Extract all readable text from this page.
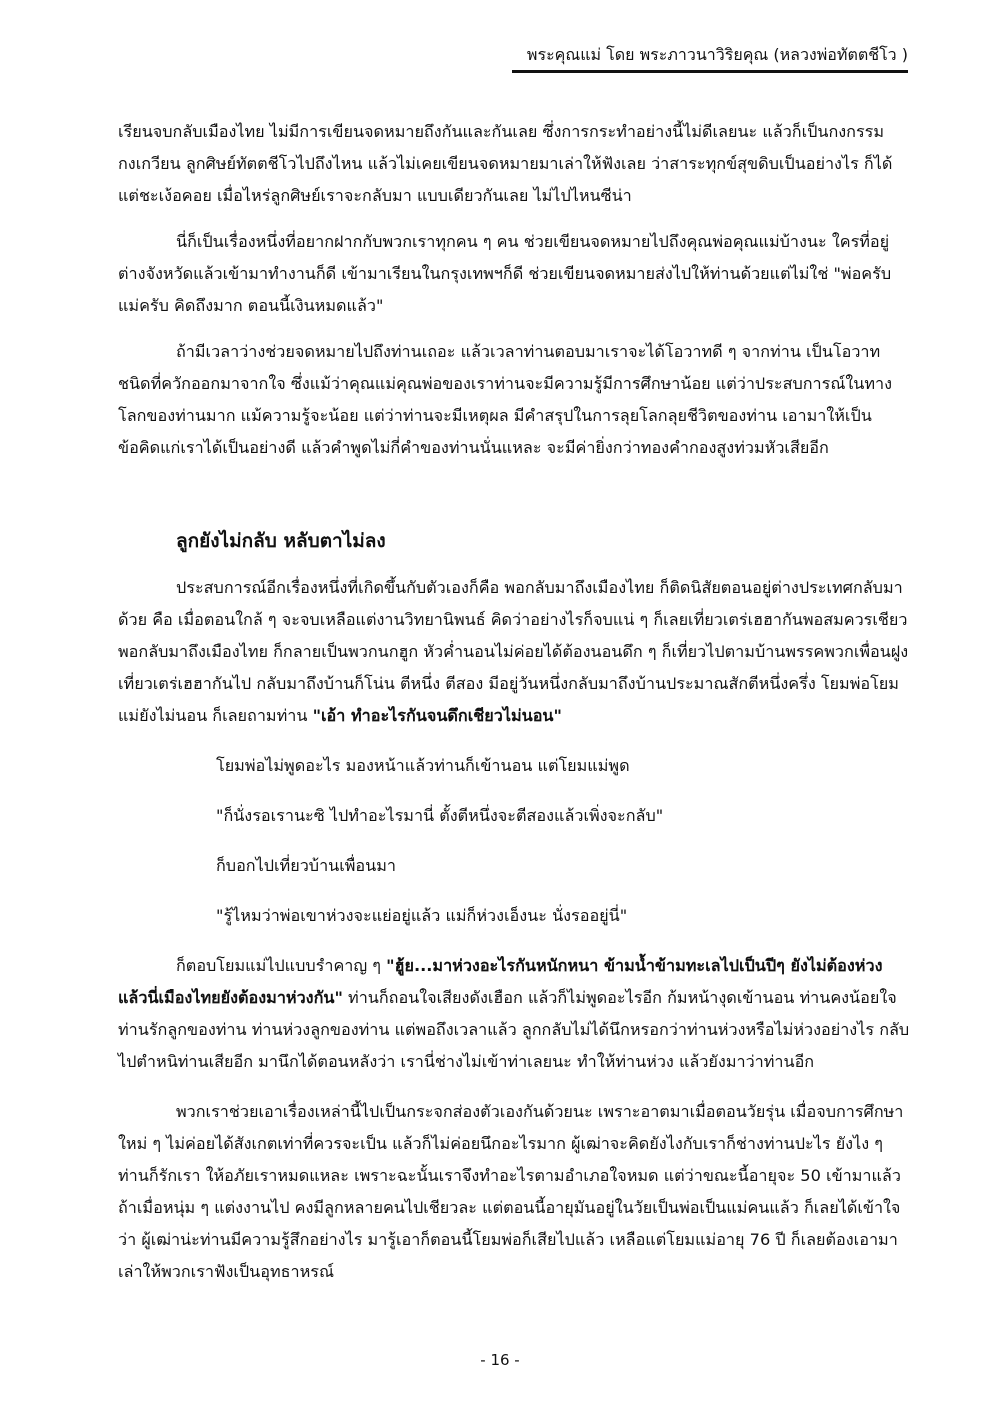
พระคุณแม่ โดย พระภาวนาวิริยคุณ (หลวงพ่อทัตตชีโว )

เรียนจบกลับเมืองไทย ไม่มีการเขียนจดหมายถึงกันและกันเลย ซึ่งการกระทำอย่างนี้ไม่ดีเลยนะ แล้วก็เป็นกงกรรมกงเกวียน ลูกศิษย์ทัตตชีโวไปถึงไหน แล้วไม่เคยเขียนจดหมายมาเล่าให้ฟังเลย ว่าสาระทุกข์สุขดิบเป็นอย่างไร ก็ได้แต่ชะเง้อคอย เมื่อไหร่ลูกศิษย์เราจะกลับมา แบบเดียวกันเลย ไม่ไปไหนซีน่า

นี่ก็เป็นเรื่องหนึ่งที่อยากฝากกับพวกเราทุกคน ๆ คน ช่วยเขียนจดหมายไปถึงคุณพ่อคุณแม่บ้างนะ ใครที่อยู่ต่างจังหวัดแล้วเข้ามาทำงานก็ดี เข้ามาเรียนในกรุงเทพฯก็ดี ช่วยเขียนจดหมายส่งไปให้ท่านด้วยแต่ไม่ใช่ "พ่อครับ แม่ครับ คิดถึงมาก ตอนนี้เงินหมดแล้ว"

ถ้ามีเวลาว่างช่วยจดหมายไปถึงท่านเถอะ แล้วเวลาท่านตอบมาเราจะได้โอวาทดี ๆ จากท่าน เป็นโอวาทชนิดที่ควักออกมาจากใจ ซึ่งแม้ว่าคุณแม่คุณพ่อของเราท่านจะมีความรู้มีการศึกษาน้อย แต่ว่าประสบการณ์ในทางโลกของท่านมาก แม้ความรู้จะน้อย แต่ว่าท่านจะมีเหตุผล มีคำสรุปในการลุยโลกลุยชีวิตของท่าน เอามาให้เป็นข้อคิดแก่เราได้เป็นอย่างดี แล้วคำพูดไม่กี่คำของท่านนั่นแหละ จะมีค่ายิ่งกว่าทองคำกองสูงท่วมหัวเสียอีก

ลูกยังไม่กลับ หลับตาไม่ลง

ประสบการณ์อีกเรื่องหนึ่งที่เกิดขึ้นกับตัวเองก็คือ พอกลับมาถึงเมืองไทย ก็ติดนิสัยตอนอยู่ต่างประเทศกลับมาด้วย คือ เมื่อตอนใกล้ ๆ จะจบเหลือแต่งานวิทยานิพนธ์ คิดว่าอย่างไรก็จบแน่ ๆ ก็เลยเที่ยวเตร่เฮฮากันพอสมควรเชียว พอกลับมาถึงเมืองไทย ก็กลายเป็นพวกนกฮูก หัวค่ำนอนไม่ค่อยได้ต้องนอนดึก ๆ ก็เที่ยวไปตามบ้านพรรคพวกเพื่อนฝูง เที่ยวเตร่เฮฮากันไป กลับมาถึงบ้านก็โน่น ตีหนึ่ง ตีสอง มีอยู่วันหนึ่งกลับมาถึงบ้านประมาณสักตีหนึ่งครึ่ง โยมพ่อโยมแม่ยังไม่นอน ก็เลยถามท่าน "เอ้า ทำอะไรกันจนดึกเชียวไม่นอน"

โยมพ่อไม่พูดอะไร มองหน้าแล้วท่านก็เข้านอน แต่โยมแม่พูด

"ก็นั่งรอเรานะซิ ไปทำอะไรมานี่ ตั้งตีหนึ่งจะตีสองแล้วเพิ่งจะกลับ"

ก็บอกไปเที่ยวบ้านเพื่อนมา

"รู้ไหมว่าพ่อเขาห่วงจะแย่อยู่แล้ว แม่ก็ห่วงเอ็งนะ นั่งรออยู่นี่"

ก็ตอบโยมแม่ไปแบบรำคาญ ๆ "ฮู้ย...มาห่วงอะไรกันหนักหนา ข้ามน้ำข้ามทะเลไปเป็นปีๆ ยังไม่ต้องห่วง แล้วนี่เมืองไทยยังต้องมาห่วงกัน" ท่านก็ถอนใจเสียงดังเฮือก แล้วก็ไม่พูดอะไรอีก ก้มหน้างุดเข้านอน ท่านคงน้อยใจ ท่านรักลูกของท่าน ท่านห่วงลูกของท่าน แต่พอถึงเวลาแล้ว ลูกกลับไม่ได้นึกหรอกว่าท่านห่วงหรือไม่ห่วงอย่างไร กลับไปตำหนิท่านเสียอีก มานึกได้ตอนหลังว่า เรานี่ช่างไม่เข้าท่าเลยนะ ทำให้ท่านห่วง แล้วยังมาว่าท่านอีก

พวกเราช่วยเอาเรื่องเหล่านี้ไปเป็นกระจกส่องตัวเองกันด้วยนะ เพราะอาตมาเมื่อตอนวัยรุ่น เมื่อจบการศึกษาใหม่ ๆ ไม่ค่อยได้สังเกตเท่าที่ควรจะเป็น แล้วก็ไม่ค่อยนึกอะไรมาก ผู้เฒ่าจะคิดยังไงกับเราก็ช่างท่านปะไร ยังไง ๆ ท่านก็รักเรา ให้อภัยเราหมดแหละ เพราะฉะนั้นเราจึงทำอะไรตามอำเภอใจหมด แต่ว่าขณะนี้อายุจะ 50 เข้ามาแล้ว ถ้าเมื่อหนุ่ม ๆ แต่งงานไป คงมีลูกหลายคนไปเชียวละ แต่ตอนนี้อายุมันอยู่ในวัยเป็นพ่อเป็นแม่คนแล้ว ก็เลยได้เข้าใจว่า ผู้เฒ่าน่ะท่านมีความรู้สึกอย่างไร มารู้เอาก็ตอนนี้โยมพ่อก็เสียไปแล้ว เหลือแต่โยมแม่อายุ 76 ปี ก็เลยต้องเอามาเล่าให้พวกเราฟังเป็นอุทธาหรณ์

- 16 -
